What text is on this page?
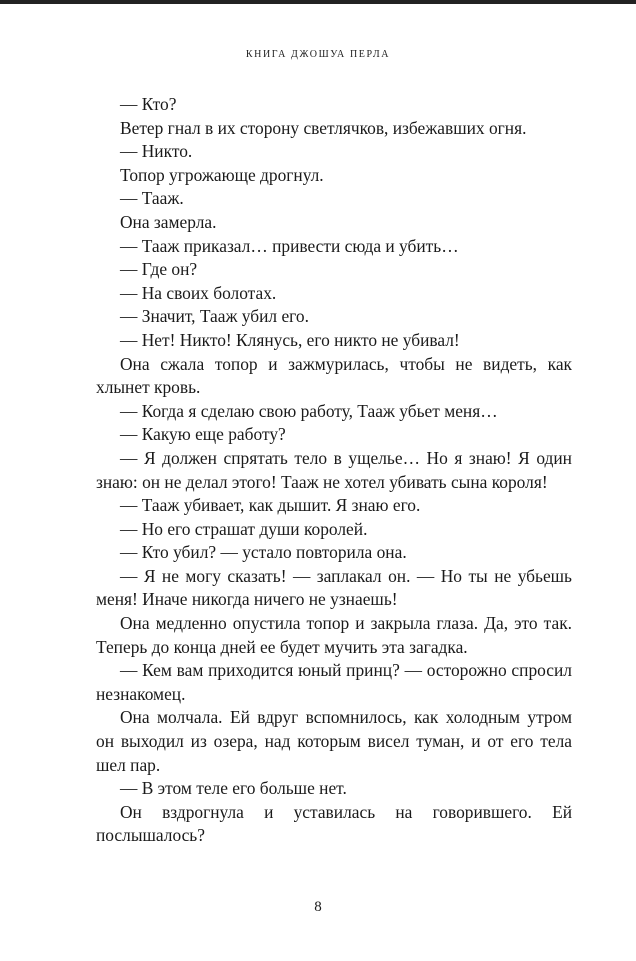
КНИГА ДЖОШУА ПЕРЛА

— Кто?

Ветер гнал в их сторону светлячков, избежавших огня.

— Никто.

Топор угрожающе дрогнул.

— Тааж.

Она замерла.

— Тааж приказал… привести сюда и убить…

— Где он?

— На своих болотах.

— Значит, Тааж убил его.

— Нет! Никто! Клянусь, его никто не убивал!

Она сжала топор и зажмурилась, чтобы не видеть, как хлынет кровь.

— Когда я сделаю свою работу, Тааж убьет меня…

— Какую еще работу?

— Я должен спрятать тело в ущелье… Но я знаю! Я один знаю: он не делал этого! Тааж не хотел убивать сына короля!

— Тааж убивает, как дышит. Я знаю его.

— Но его страшат души королей.

— Кто убил? — устало повторила она.

— Я не могу сказать! — заплакал он. — Но ты не убьешь меня! Иначе никогда ничего не узнаешь!

Она медленно опустила топор и закрыла глаза. Да, это так. Теперь до конца дней ее будет мучить эта загадка.

— Кем вам приходится юный принц? — осторожно спросил незнакомец.

Она молчала. Ей вдруг вспомнилось, как холодным утром он выходил из озера, над которым висел туман, и от его тела шел пар.

— В этом теле его больше нет.

Он вздрогнула и уставилась на говорившего. Ей послышалось?

8
